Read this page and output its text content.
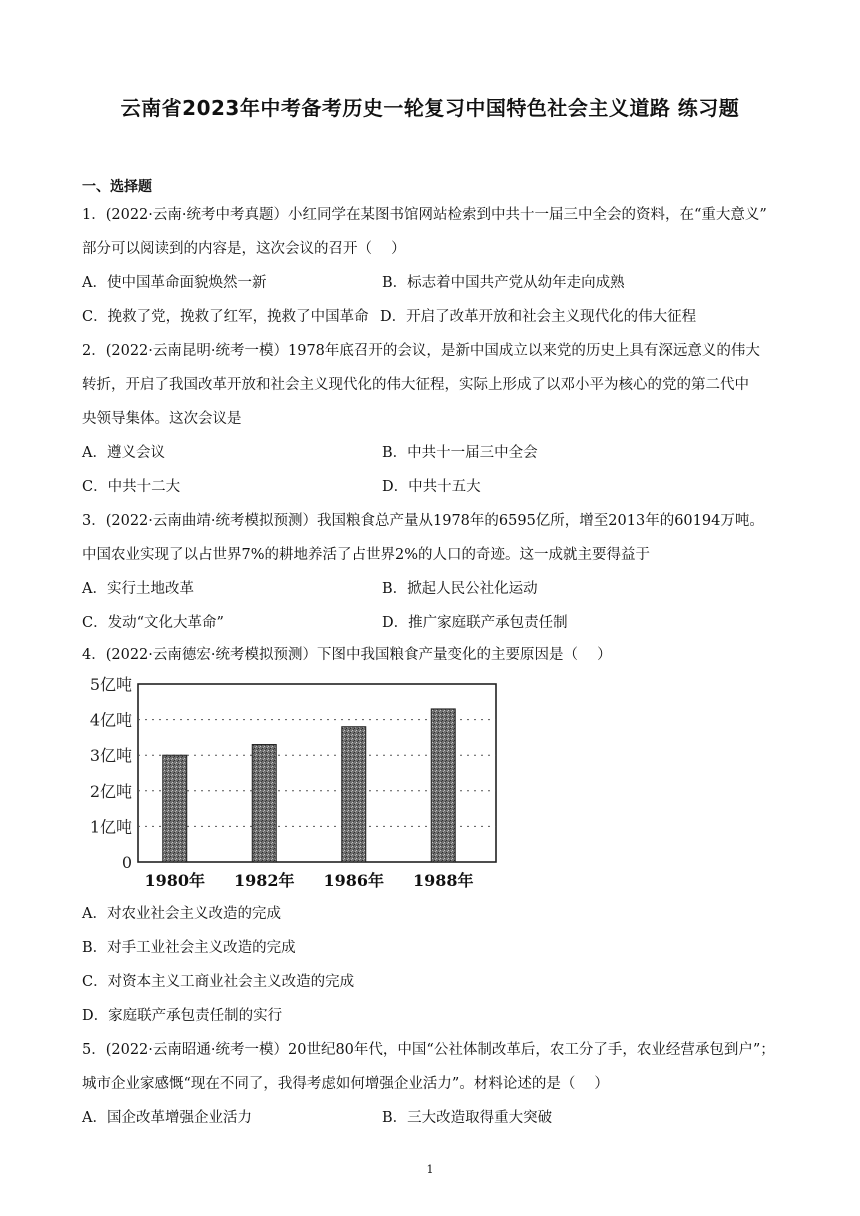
云南省2023年中考备考历史一轮复习中国特色社会主义道路 练习题
一、选择题
1．(2022·云南·统考中考真题）小红同学在某图书馆网站检索到中共十一届三中全会的资料，在“重大意义”
部分可以阅读到的内容是，这次会议的召开（　 ）
A．使中国革命面貌焕然一新	B．标志着中国共产党从幼年走向成熟
C．挽救了党，挽救了红军，挽救了中国革命 D．开启了改革开放和社会主义现代化的伟大征程
2．(2022·云南昆明·统考一模）1978年底召开的会议，是新中国成立以来党的历史上具有深远意义的伟大
转折，开启了我国改革开放和社会主义现代化的伟大征程，实际上形成了以邓小平为核心的党的第二代中
央领导集体。这次会议是
A．遵义会议	B．中共十一届三中全会
C．中共十二大	D．中共十五大
3．(2022·云南曲靖·统考模拟预测）我国粮食总产量从1978年的6595亿所，增至2013年的60194万吨。
中国农业实现了以占世界7%的耕地养活了占世界2%的人口的奇迹。这一成就主要得益于
A．实行土地改革	B．掀起人民公社化运动
C．发动“文化大革命”	D．推广家庭联产承包责任制
4．(2022·云南德宏·统考模拟预测）下图中我国粮食产量变化的主要原因是（　 ）
0
1亿吨
2亿吨
3亿吨
4亿吨
5亿吨
1980年 1982年 1986年 1988年
A．对农业社会主义改造的完成
B．对手工业社会主义改造的完成
C．对资本主义工商业社会主义改造的完成
D．家庭联产承包责任制的实行
5．(2022·云南昭通·统考一模）20世纪80年代，中国“公社体制改革后，农工分了手，农业经营承包到户”；
城市企业家感慨“现在不同了，我得考虑如何增强企业活力”。材料论述的是（　 ）
A．国企改革增强企业活力	B．三大改造取得重大突破
1
